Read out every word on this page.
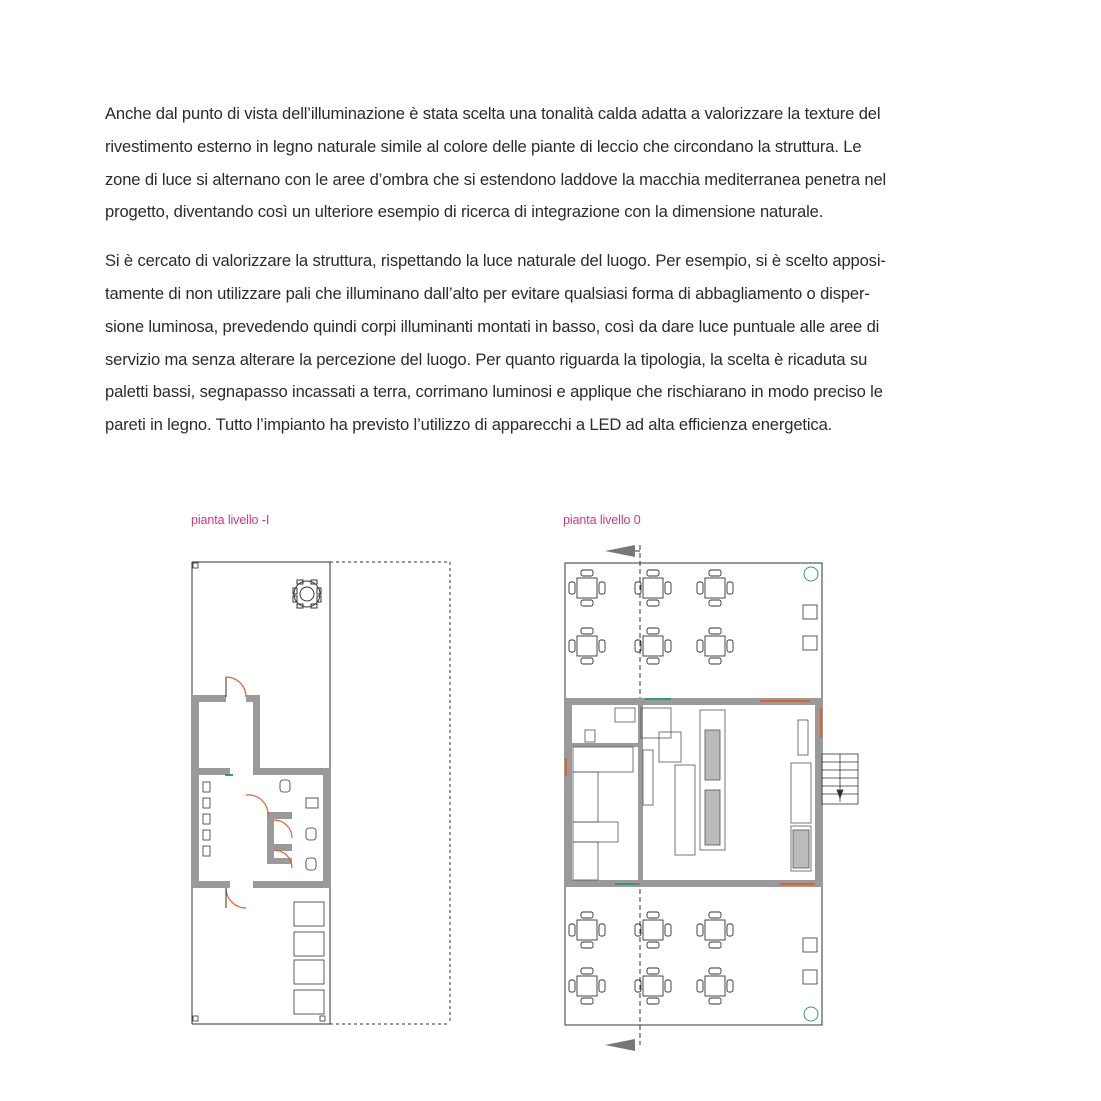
Anche dal punto di vista dell’illuminazione è stata scelta una tonalità calda adatta a valorizzare la texture del
rivestimento esterno in legno naturale simile al colore delle piante di leccio che circondano la struttura. Le
zone di luce si alternano con le aree d’ombra che si estendono laddove la macchia mediterranea penetra nel
progetto, diventando così un ulteriore esempio di ricerca di integrazione con la dimensione naturale.

Si è cercato di valorizzare la struttura, rispettando la luce naturale del luogo. Per esempio, si è scelto apposi-
tamente di non utilizzare pali che illuminano dall’alto per evitare qualsiasi forma di abbagliamento o disper-
sione luminosa, prevedendo quindi corpi illuminanti montati in basso, così da dare luce puntuale alle aree di
servizio ma senza alterare la percezione del luogo. Per quanto riguarda la tipologia, la scelta è ricaduta su
paletti bassi, segnapasso incassati a terra, corrimano luminosi e applique che rischiarano in modo preciso le
pareti in legno. Tutto l’impianto ha previsto l’utilizzo di apparecchi a LED ad alta efficienza energetica.

pianta livello -I	pianta livello 0
